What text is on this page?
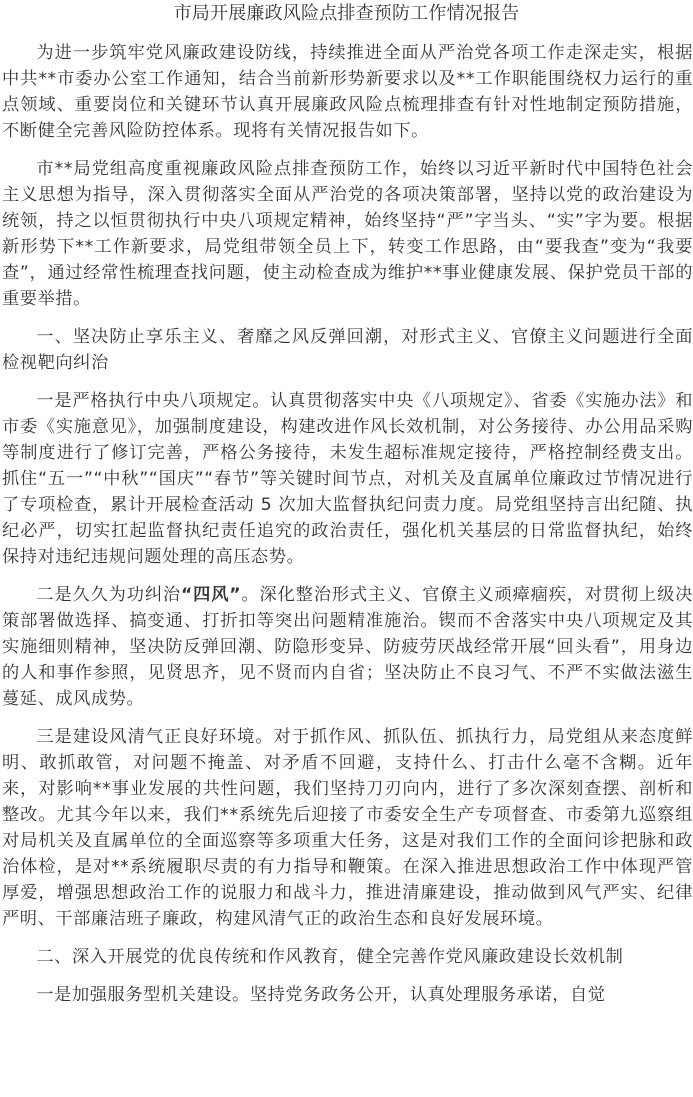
市局开展廉政风险点排查预防工作情况报告

为进一步筑牢党风廉政建设防线，持续推进全面从严治党各项工作走深走实，根据中共**市委办公室工作通知，结合当前新形势新要求以及**工作职能围绕权力运行的重点领域、重要岗位和关键环节认真开展廉政风险点梳理排查有针对性地制定预防措施，不断健全完善风险防控体系。现将有关情况报告如下。

市**局党组高度重视廉政风险点排查预防工作，始终以习近平新时代中国特色社会主义思想为指导，深入贯彻落实全面从严治党的各项决策部署，坚持以党的政治建设为统领，持之以恒贯彻执行中央八项规定精神，始终坚持“严”字当头、“实”字为要。根据新形势下**工作新要求，局党组带领全员上下，转变工作思路，由“要我查”变为“我要查”，通过经常性梳理查找问题，使主动检查成为维护**事业健康发展、保护党员干部的重要举措。

一、坚决防止享乐主义、奢靡之风反弹回潮，对形式主义、官僚主义问题进行全面检视靶向纠治

一是严格执行中央八项规定。认真贯彻落实中央《八项规定》、省委《实施办法》和市委《实施意见》，加强制度建设，构建改进作风长效机制，对公务接待、办公用品采购等制度进行了修订完善，严格公务接待，未发生超标准规定接待，严格控制经费支出。抓住“五一”“中秋”“国庆”“春节”等关键时间节点，对机关及直属单位廉政过节情况进行了专项检查，累计开展检查活动 5 次加大监督执纪问责力度。局党组坚持言出纪随、执纪必严，切实扛起监督执纪责任追究的政治责任，强化机关基层的日常监督执纪，始终保持对违纪违规问题处理的高压态势。

二是久久为功纠治“四风”。深化整治形式主义、官僚主义顽瘴痼疾，对贯彻上级决策部署做选择、搞变通、打折扣等突出问题精准施治。锲而不舍落实中央八项规定及其实施细则精神，坚决防反弹回潮、防隐形变异、防疲劳厌战经常开展“回头看”，用身边的人和事作参照，见贤思齐，见不贤而内自省；坚决防止不良习气、不严不实做法滋生蔓延、成风成势。

三是建设风清气正良好环境。对于抓作风、抓队伍、抓执行力，局党组从来态度鲜明、敢抓敢管，对问题不掩盖、对矛盾不回避，支持什么、打击什么毫不含糊。近年来，对影响**事业发展的共性问题，我们坚持刀刃向内，进行了多次深刻查摆、剖析和整改。尤其今年以来，我们**系统先后迎接了市委安全生产专项督查、市委第九巡察组对局机关及直属单位的全面巡察等多项重大任务，这是对我们工作的全面问诊把脉和政治体检，是对**系统履职尽责的有力指导和鞭策。在深入推进思想政治工作中体现严管厚爱，增强思想政治工作的说服力和战斗力，推进清廉建设，推动做到风气严实、纪律严明、干部廉洁班子廉政，构建风清气正的政治生态和良好发展环境。

二、深入开展党的优良传统和作风教育，健全完善作党风廉政建设长效机制

一是加强服务型机关建设。坚持党务政务公开，认真处理服务承诺，自觉
